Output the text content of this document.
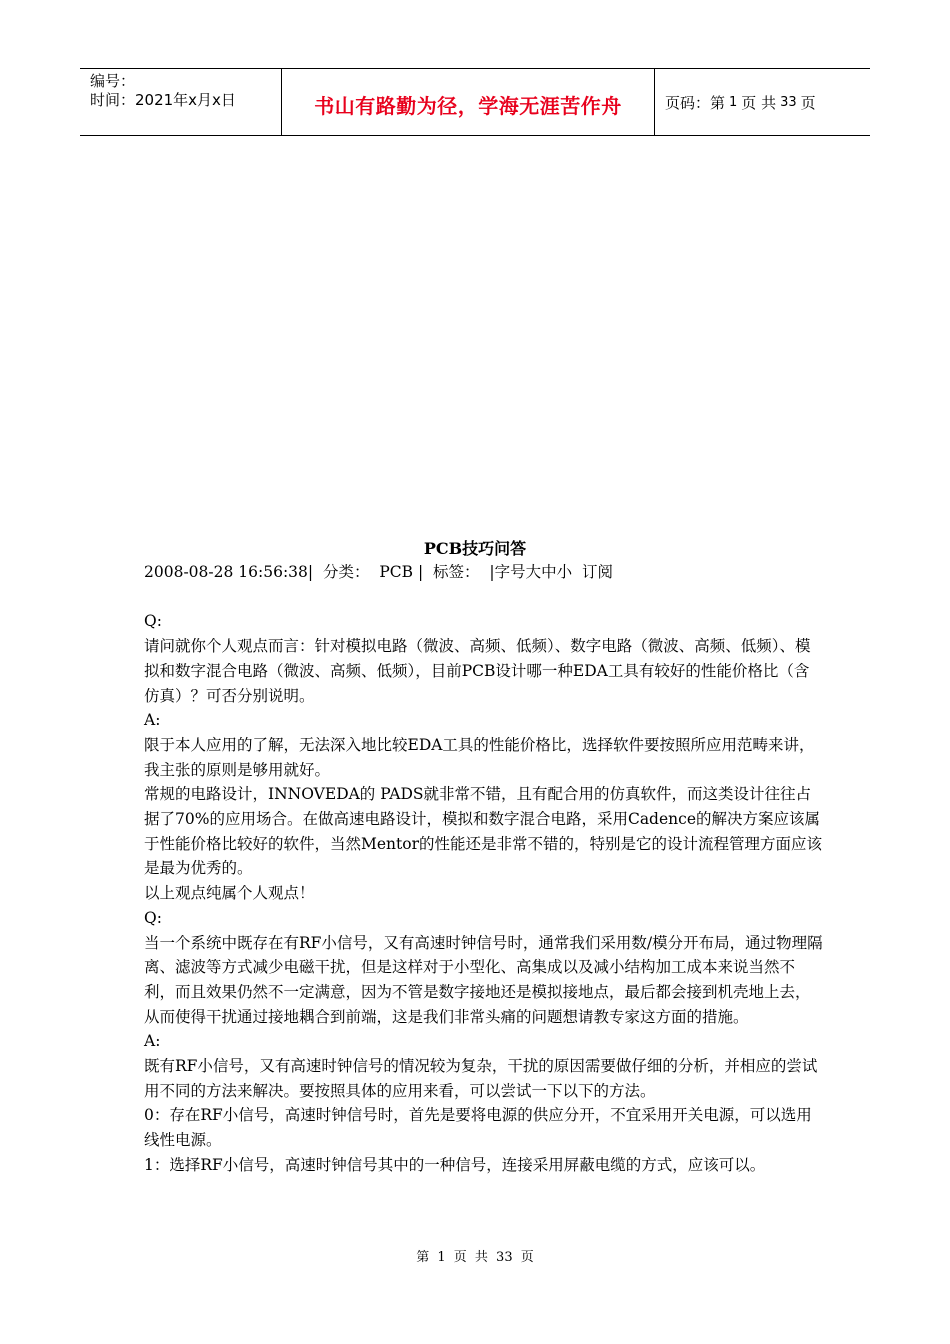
编号：
时间：2021年x月x日	书山有路勤为径，学海无涯苦作舟	页码：第 1 页 共 33 页
PCB技巧问答

2008-08-28 16:56:38|  分类：  PCB |  标签：  |字号大中小  订阅

Q:

请问就你个人观点而言：针对模拟电路（微波、高频、低频）、数字电路（微波、高频、低频）、模拟和数字混合电路（微波、高频、低频），目前PCB设计哪一种EDA工具有较好的性能价格比（含仿真）？可否分别说明。

A:

限于本人应用的了解，无法深入地比较EDA工具的性能价格比，选择软件要按照所应用范畴来讲，我主张的原则是够用就好。

常规的电路设计，INNOVEDA的 PADS就非常不错，且有配合用的仿真软件，而这类设计往往占据了70%的应用场合。在做高速电路设计，模拟和数字混合电路，采用Cadence的解决方案应该属于性能价格比较好的软件，当然Mentor的性能还是非常不错的，特别是它的设计流程管理方面应该是最为优秀的。

以上观点纯属个人观点！

Q:

当一个系统中既存在有RF小信号，又有高速时钟信号时，通常我们采用数/模分开布局，通过物理隔离、滤波等方式减少电磁干扰，但是这样对于小型化、高集成以及减小结构加工成本来说当然不利，而且效果仍然不一定满意，因为不管是数字接地还是模拟接地点，最后都会接到机壳地上去，从而使得干扰通过接地耦合到前端，这是我们非常头痛的问题想请教专家这方面的措施。

A:

既有RF小信号，又有高速时钟信号的情况较为复杂，干扰的原因需要做仔细的分析，并相应的尝试用不同的方法来解决。要按照具体的应用来看，可以尝试一下以下的方法。

0：存在RF小信号，高速时钟信号时，首先是要将电源的供应分开，不宜采用开关电源，可以选用线性电源。

1：选择RF小信号，高速时钟信号其中的一种信号，连接采用屏蔽电缆的方式，应该可以。

第 1 页 共 33 页
